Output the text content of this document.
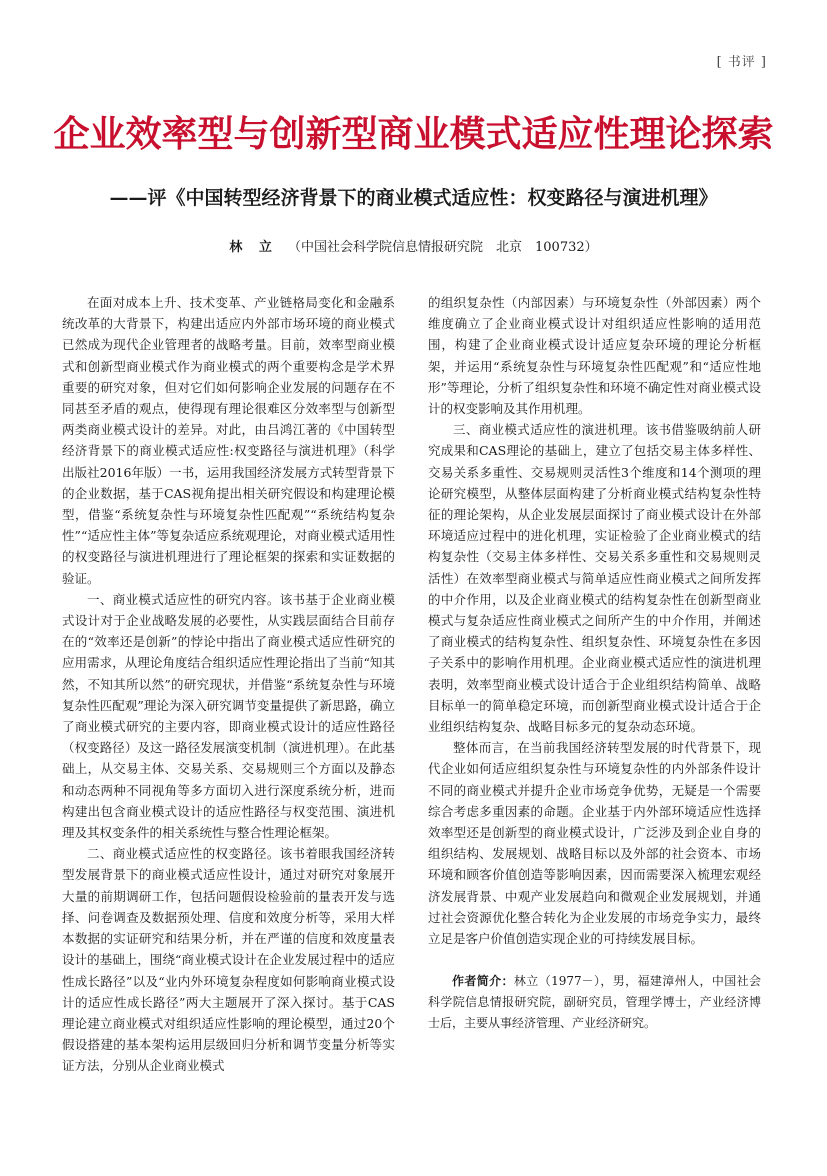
[ 书评 ]
企业效率型与创新型商业模式适应性理论探索
——评《中国转型经济背景下的商业模式适应性：权变路径与演进机理》
林 立 （中国社会科学院信息情报研究院　北京　100732）

在面对成本上升、技术变革、产业链格局变化和金融系统改革的大背景下，构建出适应内外部市场环境的商业模式已然成为现代企业管理者的战略考量。目前，效率型商业模式和创新型商业模式作为商业模式的两个重要构念是学术界重要的研究对象，但对它们如何影响企业发展的问题存在不同甚至矛盾的观点，使得现有理论很难区分效率型与创新型两类商业模式设计的差异。对此，由吕鸿江著的《中国转型经济背景下的商业模式适应性:权变路径与演进机理》（科学出版社2016年版）一书，运用我国经济发展方式转型背景下的企业数据，基于CAS视角提出相关研究假设和构建理论模型，借鉴“系统复杂性与环境复杂性匹配观”“系统结构复杂性”“适应性主体”等复杂适应系统观理论，对商业模式适用性的权变路径与演进机理进行了理论框架的探索和实证数据的验证。

一、商业模式适应性的研究内容。该书基于企业商业模式设计对于企业战略发展的必要性，从实践层面结合目前存在的“效率还是创新”的悖论中指出了商业模式适应性研究的应用需求，从理论角度结合组织适应性理论指出了当前“知其然，不知其所以然”的研究现状，并借鉴“系统复杂性与环境复杂性匹配观”理论为深入研究调节变量提供了新思路，确立了商业模式研究的主要内容，即商业模式设计的适应性路径（权变路径）及这一路径发展演变机制（演进机理）。在此基础上，从交易主体、交易关系、交易规则三个方面以及静态和动态两种不同视角等多方面切入进行深度系统分析，进而构建出包含商业模式设计的适应性路径与权变范围、演进机理及其权变条件的相关系统性与整合性理论框架。

二、商业模式适应性的权变路径。该书着眼我国经济转型发展背景下的商业模式适应性设计，通过对研究对象展开大量的前期调研工作，包括问题假设检验前的量表开发与选择、问卷调查及数据预处理、信度和效度分析等，采用大样本数据的实证研究和结果分析，并在严谨的信度和效度量表设计的基础上，围绕“商业模式设计在企业发展过程中的适应性成长路径”以及“业内外环境复杂程度如何影响商业模式设计的适应性成长路径”两大主题展开了深入探讨。基于CAS理论建立商业模式对组织适应性影响的理论模型，通过20个假设搭建的基本架构运用层级回归分析和调节变量分析等实证方法，分别从企业商业模式

的组织复杂性（内部因素）与环境复杂性（外部因素）两个维度确立了企业商业模式设计对组织适应性影响的适用范围，构建了企业商业模式设计适应复杂环境的理论分析框架，并运用“系统复杂性与环境复杂性匹配观”和“适应性地形”等理论，分析了组织复杂性和环境不确定性对商业模式设计的权变影响及其作用机理。

三、商业模式适应性的演进机理。该书借鉴吸纳前人研究成果和CAS理论的基础上，建立了包括交易主体多样性、交易关系多重性、交易规则灵活性3个维度和14个测项的理论研究模型，从整体层面构建了分析商业模式结构复杂性特征的理论架构，从企业发展层面探讨了商业模式设计在外部环境适应过程中的进化机理，实证检验了企业商业模式的结构复杂性（交易主体多样性、交易关系多重性和交易规则灵活性）在效率型商业模式与简单适应性商业模式之间所发挥的中介作用，以及企业商业模式的结构复杂性在创新型商业模式与复杂适应性商业模式之间所产生的中介作用，并阐述了商业模式的结构复杂性、组织复杂性、环境复杂性在多因子关系中的影响作用机理。企业商业模式适应性的演进机理表明，效率型商业模式设计适合于企业组织结构简单、战略目标单一的简单稳定环境，而创新型商业模式设计适合于企业组织结构复杂、战略目标多元的复杂动态环境。

整体而言，在当前我国经济转型发展的时代背景下，现代企业如何适应组织复杂性与环境复杂性的内外部条件设计不同的商业模式并提升企业市场竞争优势，无疑是一个需要综合考虑多重因素的命题。企业基于内外部环境适应性选择效率型还是创新型的商业模式设计，广泛涉及到企业自身的组织结构、发展规划、战略目标以及外部的社会资本、市场环境和顾客价值创造等影响因素，因而需要深入梳理宏观经济发展背景、中观产业发展趋向和微观企业发展规划，并通过社会资源优化整合转化为企业发展的市场竞争实力，最终立足是客户价值创造实现企业的可持续发展目标。

作者简介：林立（1977－），男，福建漳州人，中国社会科学院信息情报研究院，副研究员，管理学博士，产业经济博士后，主要从事经济管理、产业经济研究。
